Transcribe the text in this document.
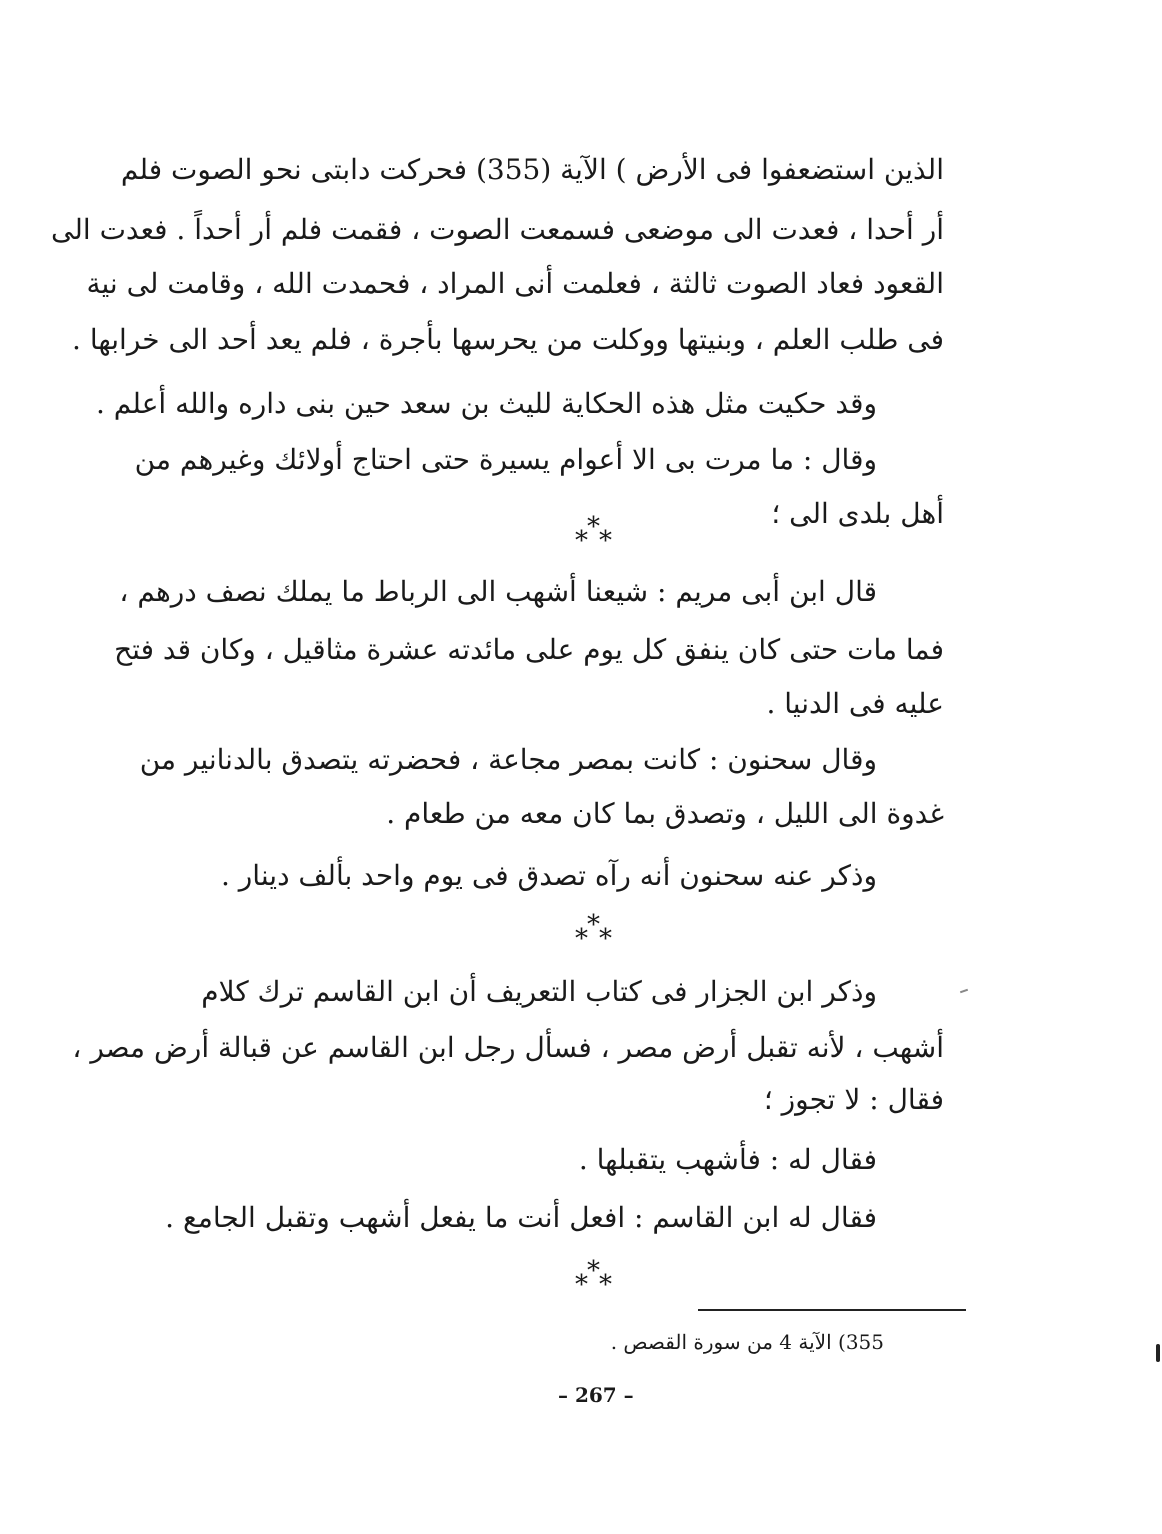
الذين استضعفوا فى الأرض ) الآية (355) فحركت دابتى نحو الصوت فلم
أر أحدا ، فعدت الى موضعى فسمعت الصوت ، فقمت فلم أر أحداً . فعدت الى
القعود فعاد الصوت ثالثة ، فعلمت أنى المراد ، فحمدت الله ، وقامت لى نية
فى طلب العلم ، وبنيتها ووكلت من يحرسها بأجرة ، فلم يعد أحد الى خرابها .
وقد حكيت مثل هذه الحكاية لليث بن سعد حين بنى داره والله أعلم .
وقال : ما مرت بى الا أعوام يسيرة حتى احتاج أولائك وغيرهم من
أهل بلدى الى ؛
* * *
قال ابن أبى مريم : شيعنا أشهب الى الرباط ما يملك نصف درهم ،
فما مات حتى كان ينفق كل يوم على مائدته عشرة مثاقيل ، وكان قد فتح
عليه فى الدنيا .
وقال سحنون : كانت بمصر مجاعة ، فحضرته يتصدق بالدنانير من
غدوة الى الليل ، وتصدق بما كان معه من طعام .
وذكر عنه سحنون أنه رآه تصدق فى يوم واحد بألف دينار .
* * *
وذكر ابن الجزار فى كتاب التعريف أن ابن القاسم ترك كلام
أشهب ، لأنه تقبل أرض مصر ، فسأل رجل ابن القاسم عن قبالة أرض مصر ،
فقال : لا تجوز ؛
فقال له : فأشهب يتقبلها .
فقال له ابن القاسم : افعل أنت ما يفعل أشهب وتقبل الجامع .
* * *
355) الآية 4 من سورة القصص .
– 267 –
